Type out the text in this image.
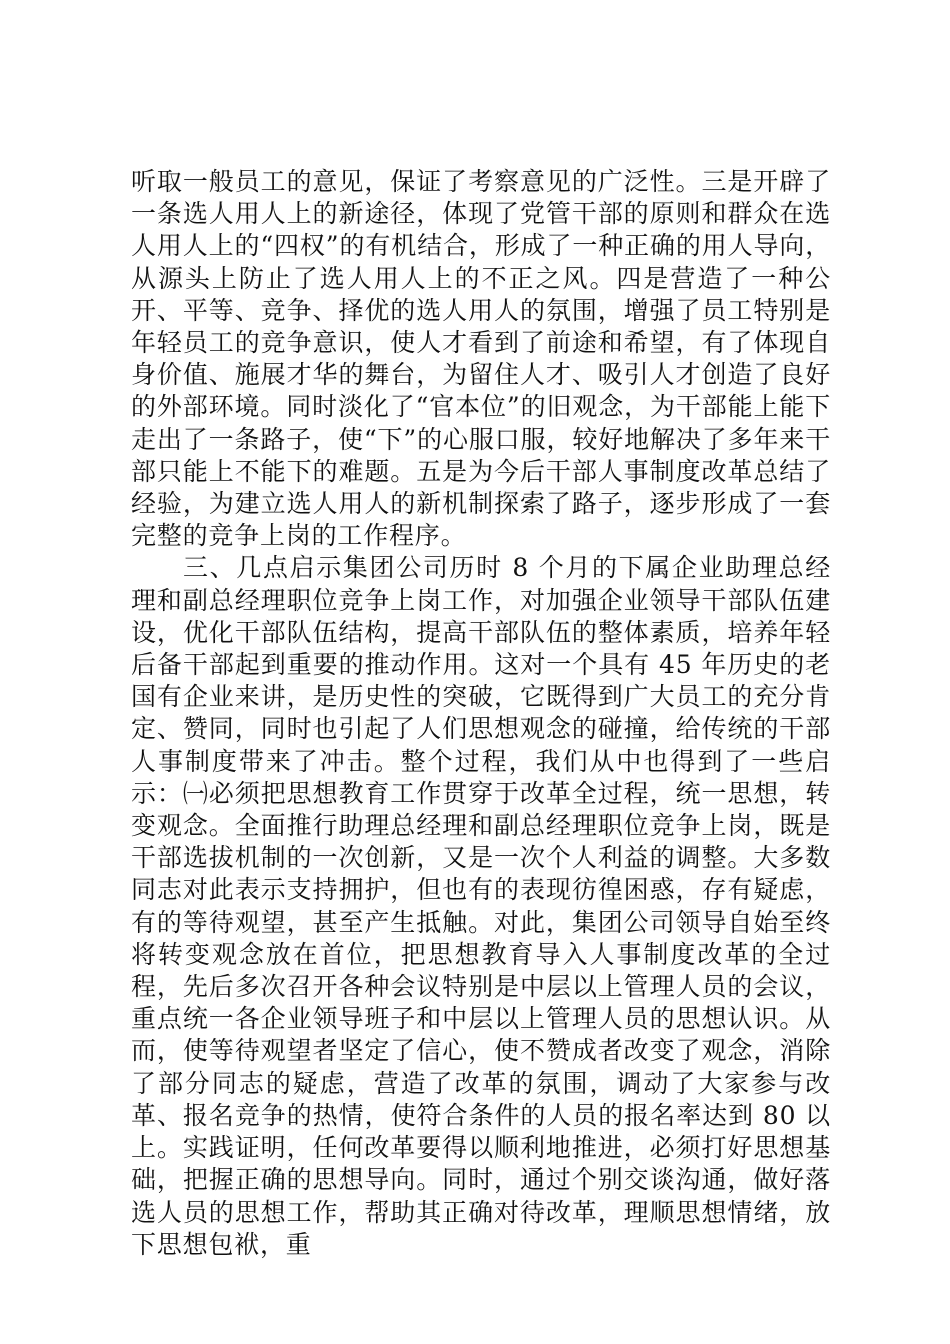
听取一般员工的意见，保证了考察意见的广泛性。三是开辟了一条选人用人上的新途径，体现了党管干部的原则和群众在选人用人上的“四权”的有机结合，形成了一种正确的用人导向，从源头上防止了选人用人上的不正之风。四是营造了一种公开、平等、竞争、择优的选人用人的氛围，增强了员工特别是年轻员工的竞争意识，使人才看到了前途和希望，有了体现自身价值、施展才华的舞台，为留住人才、吸引人才创造了良好的外部环境。同时淡化了“官本位”的旧观念，为干部能上能下走出了一条路子，使“下”的心服口服，较好地解决了多年来干部只能上不能下的难题。五是为今后干部人事制度改革总结了经验，为建立选人用人的新机制探索了路子，逐步形成了一套完整的竞争上岗的工作程序。

三、几点启示集团公司历时 8 个月的下属企业助理总经理和副总经理职位竞争上岗工作，对加强企业领导干部队伍建设，优化干部队伍结构，提高干部队伍的整体素质，培养年轻后备干部起到重要的推动作用。这对一个具有 45 年历史的老国有企业来讲，是历史性的突破，它既得到广大员工的充分肯定、赞同，同时也引起了人们思想观念的碰撞，给传统的干部人事制度带来了冲击。整个过程，我们从中也得到了一些启示：㈠必须把思想教育工作贯穿于改革全过程，统一思想，转变观念。全面推行助理总经理和副总经理职位竞争上岗，既是干部选拔机制的一次创新，又是一次个人利益的调整。大多数同志对此表示支持拥护，但也有的表现彷徨困惑，存有疑虑，有的等待观望，甚至产生抵触。对此，集团公司领导自始至终将转变观念放在首位，把思想教育导入人事制度改革的全过程，先后多次召开各种会议特别是中层以上管理人员的会议，重点统一各企业领导班子和中层以上管理人员的思想认识。从而，使等待观望者坚定了信心，使不赞成者改变了观念，消除了部分同志的疑虑，营造了改革的氛围，调动了大家参与改革、报名竞争的热情，使符合条件的人员的报名率达到 80 以上。实践证明，任何改革要得以顺利地推进，必须打好思想基础，把握正确的思想导向。同时，通过个别交谈沟通，做好落选人员的思想工作，帮助其正确对待改革，理顺思想情绪，放下思想包袱，重
